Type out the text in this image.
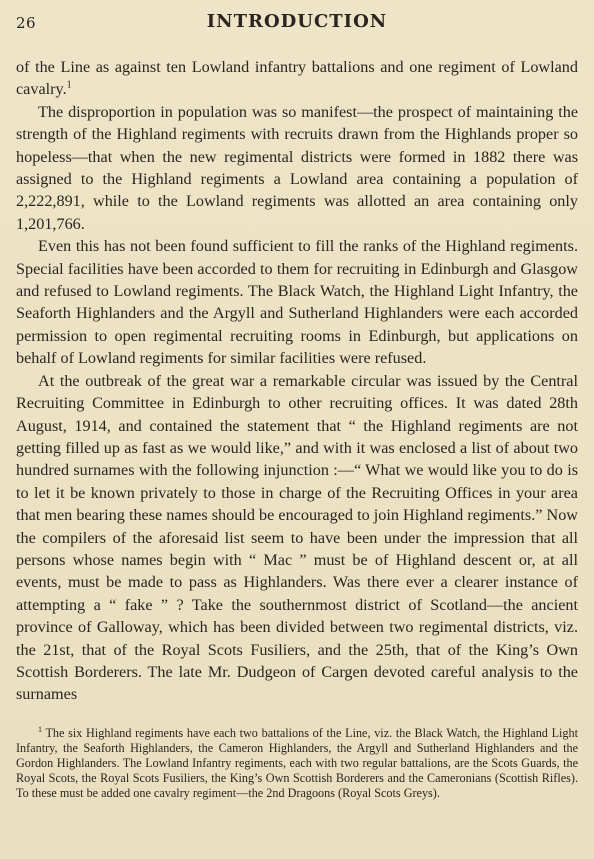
26	INTRODUCTION

of the Line as against ten Lowland infantry battalions and one regiment of Lowland cavalry.$^1$

The disproportion in population was so manifest—the prospect of maintaining the strength of the Highland regiments with recruits drawn from the Highlands proper so hopeless—that when the new regimental districts were formed in 1882 there was assigned to the Highland regiments a Lowland area containing a population of 2,222,891, while to the Lowland regiments was allotted an area containing only 1,201,766.

Even this has not been found sufficient to fill the ranks of the Highland regiments. Special facilities have been accorded to them for recruiting in Edinburgh and Glasgow and refused to Lowland regiments. The Black Watch, the Highland Light Infantry, the Seaforth Highlanders and the Argyll and Sutherland Highlanders were each accorded permission to open regimental recruiting rooms in Edinburgh, but applications on behalf of Lowland regiments for similar facilities were refused.

At the outbreak of the great war a remarkable circular was issued by the Central Recruiting Committee in Edinburgh to other recruiting offices. It was dated 28th August, 1914, and contained the statement that “ the Highland regiments are not getting filled up as fast as we would like,” and with it was enclosed a list of about two hundred surnames with the following injunction :—“ What we would like you to do is to let it be known privately to those in charge of the Recruiting Offices in your area that men bearing these names should be encouraged to join Highland regiments.” Now the compilers of the aforesaid list seem to have been under the impression that all persons whose names begin with “ Mac ” must be of Highland descent or, at all events, must be made to pass as Highlanders. Was there ever a clearer instance of attempting a “ fake ” ? Take the southernmost district of Scotland—the ancient province of Galloway, which has been divided between two regimental districts, viz. the 21st, that of the Royal Scots Fusiliers, and the 25th, that of the King’s Own Scottish Borderers. The late Mr. Dudgeon of Cargen devoted careful analysis to the surnames

$^1$ The six Highland regiments have each two battalions of the Line, viz. the Black Watch, the Highland Light Infantry, the Seaforth Highlanders, the Cameron Highlanders, the Argyll and Sutherland Highlanders and the Gordon Highlanders. The Lowland Infantry regiments, each with two regular battalions, are the Scots Guards, the Royal Scots, the Royal Scots Fusiliers, the King’s Own Scottish Borderers and the Cameronians (Scottish Rifles). To these must be added one cavalry regiment—the 2nd Dragoons (Royal Scots Greys).
